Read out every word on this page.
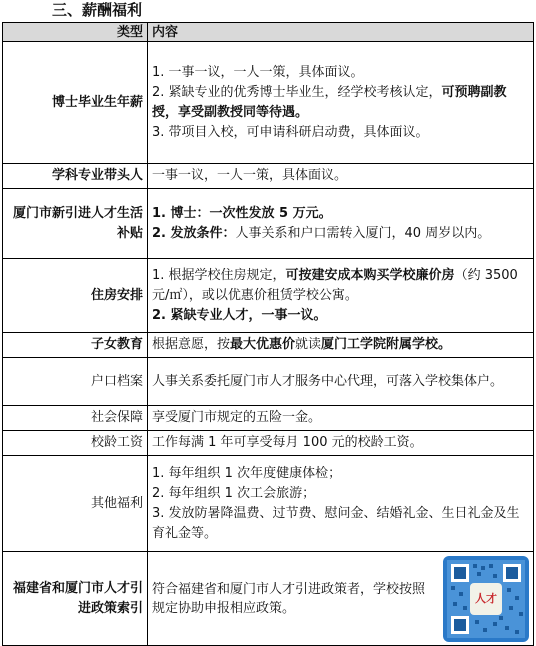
三、薪酬福利
类型	内容
博士毕业生年薪	1. 一事一议，一人一策，具体面议。
2. 紧缺专业的优秀博士毕业生，经学校考核认定，可预聘副教授，享受副教授同等待遇。
3. 带项目入校，可申请科研启动费，具体面议。

学科专业带头人	一事一议，一人一策，具体面议。
厦门市新引进人才生活补贴	1. 博士：一次性发放 5 万元。
2. 发放条件：人事关系和户口需转入厦门，40 周岁以内。

住房安排	1. 根据学校住房规定，可按建安成本购买学校廉价房（约 3500 元/㎡），或以优惠价租赁学校公寓。
2. 紧缺专业人才，一事一议。

子女教育	根据意愿，按最大优惠价就读厦门工学院附属学校。
户口档案	人事关系委托厦门市人才服务中心代理，可落入学校集体户。
社会保障	享受厦门市规定的五险一金。
校龄工资	工作每满 1 年可享受每月 100 元的校龄工资。
其他福利	1. 每年组织 1 次年度健康体检；
2. 每年组织 1 次工会旅游；
3. 发放防暑降温费、过节费、慰问金、结婚礼金、生日礼金及生育礼金等。

福建省和厦门市人才引进政策索引	符合福建省和厦门市人才引进政策者，学校按照规定协助申报相应政策。
人才
